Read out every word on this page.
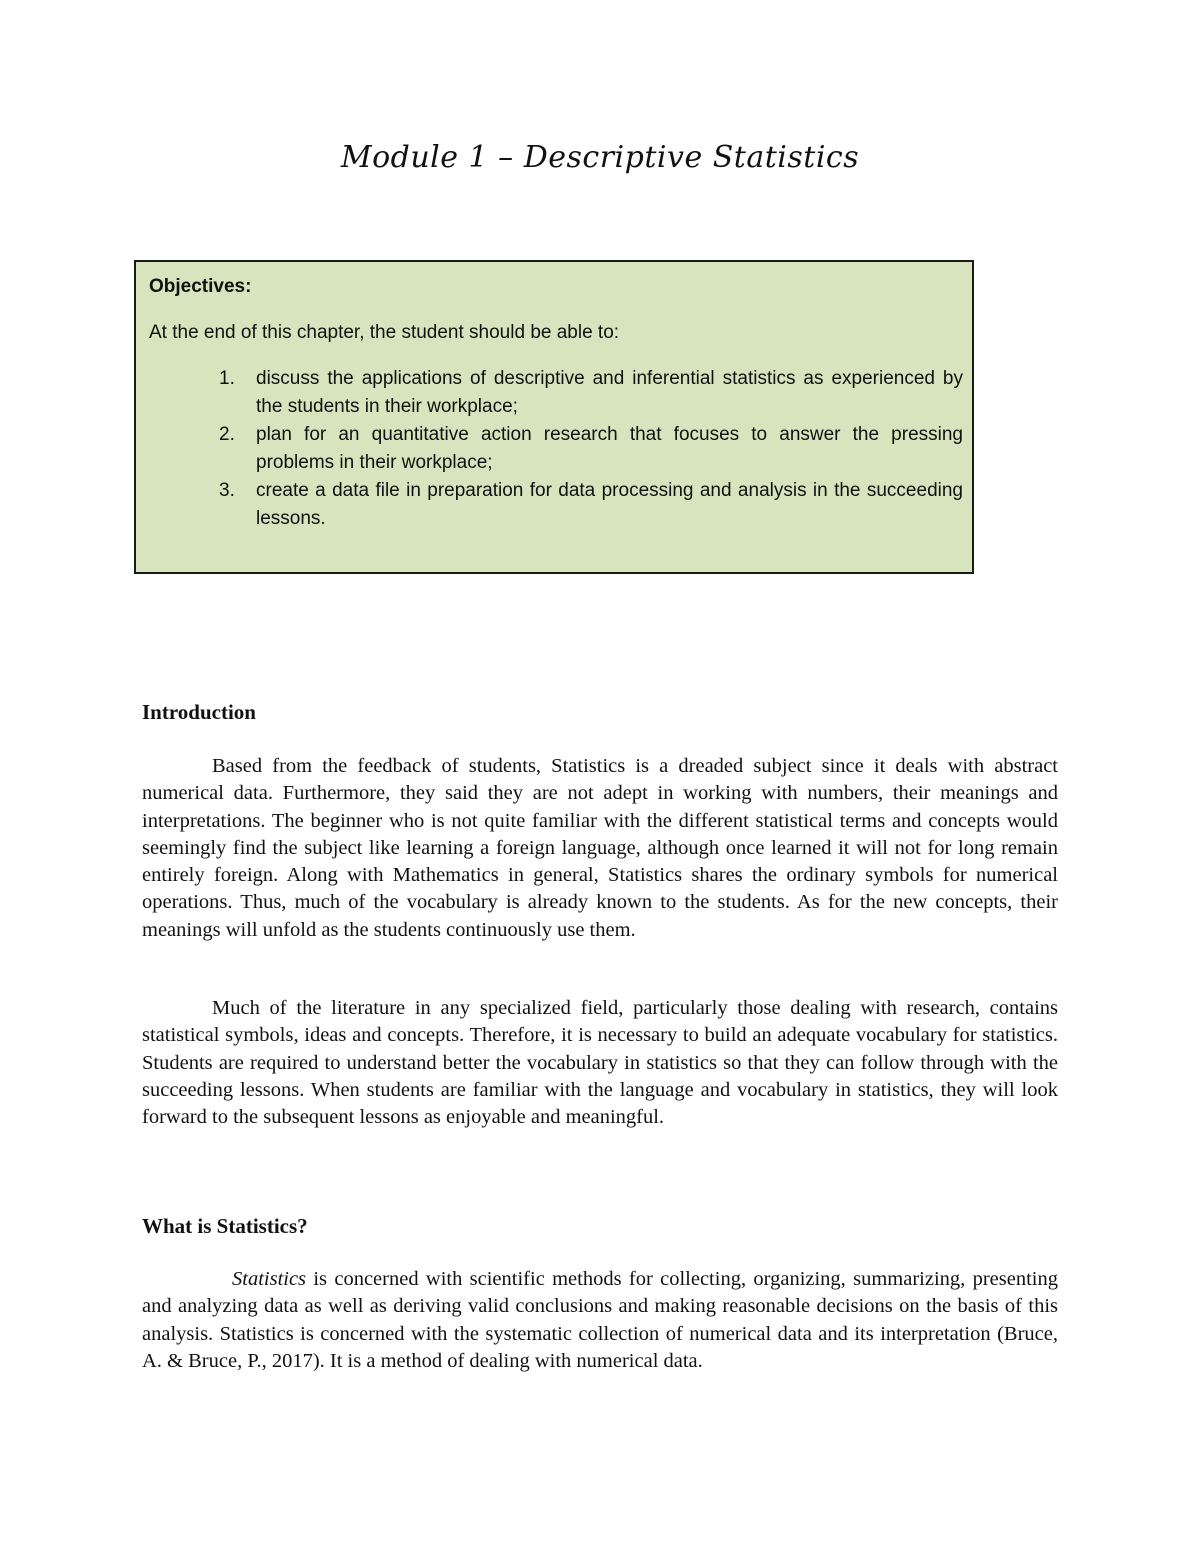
Module 1 – Descriptive Statistics
Objectives:
At the end of this chapter, the student should be able to:
1. discuss the applications of descriptive and inferential statistics as experienced by the students in their workplace;
2. plan for an quantitative action research that focuses to answer the pressing problems in their workplace;
3. create a data file in preparation for data processing and analysis in the succeeding lessons.
Introduction

Based from the feedback of students, Statistics is a dreaded subject since it deals with abstract numerical data. Furthermore, they said they are not adept in working with numbers, their meanings and interpretations. The beginner who is not quite familiar with the different statistical terms and concepts would seemingly find the subject like learning a foreign language, although once learned it will not for long remain entirely foreign. Along with Mathematics in general, Statistics shares the ordinary symbols for numerical operations. Thus, much of the vocabulary is already known to the students. As for the new concepts, their meanings will unfold as the students continuously use them.

Much of the literature in any specialized field, particularly those dealing with research, contains statistical symbols, ideas and concepts. Therefore, it is necessary to build an adequate vocabulary for statistics. Students are required to understand better the vocabulary in statistics so that they can follow through with the succeeding lessons. When students are familiar with the language and vocabulary in statistics, they will look forward to the subsequent lessons as enjoyable and meaningful.

What is Statistics?

Statistics is concerned with scientific methods for collecting, organizing, summarizing, presenting and analyzing data as well as deriving valid conclusions and making reasonable decisions on the basis of this analysis. Statistics is concerned with the systematic collection of numerical data and its interpretation (Bruce, A. & Bruce, P., 2017). It is a method of dealing with numerical data.
